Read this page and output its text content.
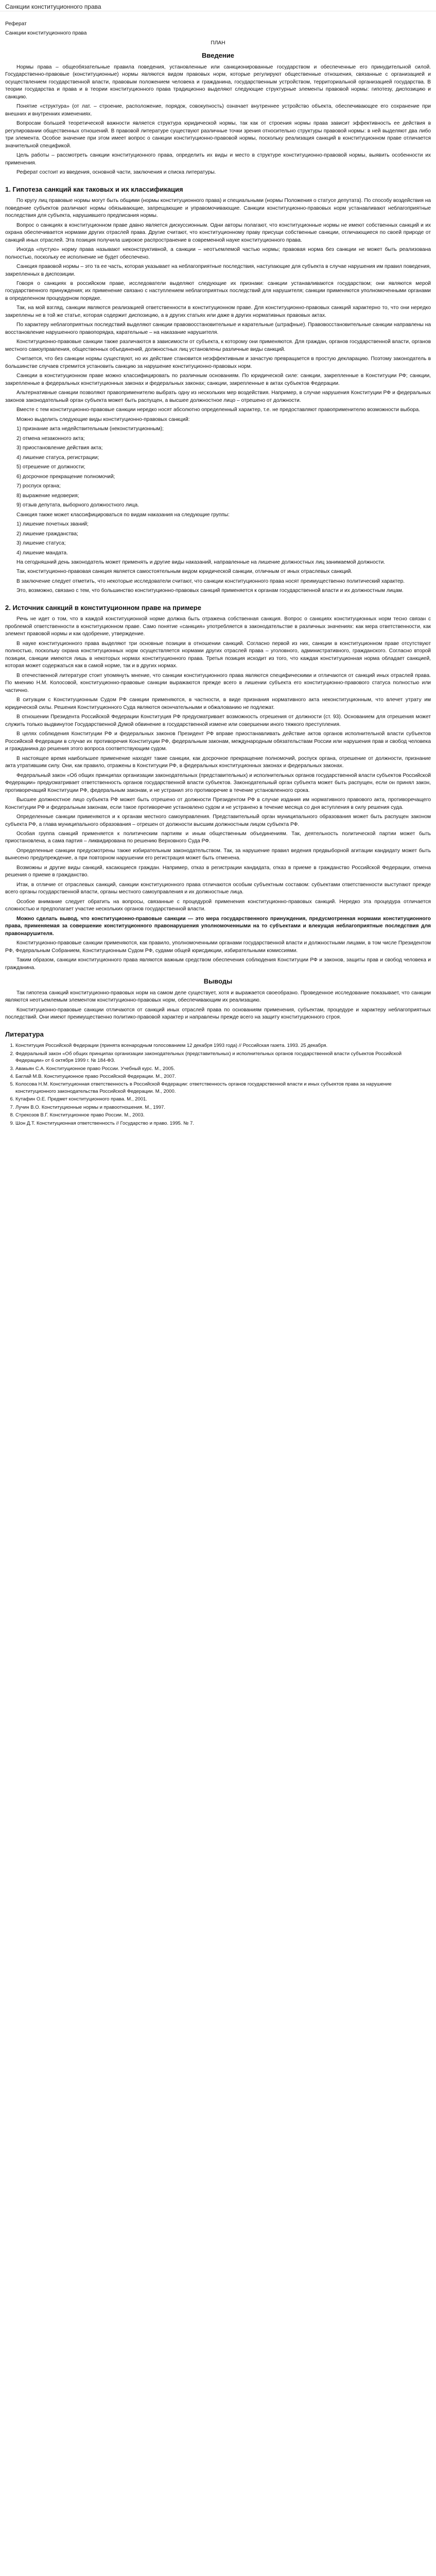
Санкции конституционного права

Реферат

Санкции конституционного права

ПЛАН

Введение

Нормы права – общеобязательные правила поведения, установленные или санкционированные государством и обеспеченные его принудительной силой. Государственно-правовые (конституционные) нормы являются видом правовых норм, которые регулируют общественные отношения, связанные с организацией и осуществлением государственной власти, правовым положением человека и гражданина, государственным устройством, территориальной организацией государства. В теории государства и права и в теории конституционного права традиционно выделяют следующие структурные элементы правовой нормы: гипотезу, диспозицию и санкцию.

Понятие «структура» (от лат. – строение, расположение, порядок, совокупность) означает внутреннее устройство объекта, обеспечивающее его сохранение при внешних и внутренних изменениях.

Вопросам большей теоретической важности является структура юридической нормы, так как от строения нормы права зависит эффективность ее действия в регулировании общественных отношений. В правовой литературе существуют различные точки зрения относительно структуры правовой нормы: в ней выделяют два либо три элемента. Особое значение при этом имеет вопрос о санкции конституционно-правовой нормы, поскольку реализация санкций в конституционном праве отличается значительной спецификой.

Цель работы – рассмотреть санкции конституционного права, определить их виды и место в структуре конституционно-правовой нормы, выявить особенности их применения.

Реферат состоит из введения, основной части, заключения и списка литературы.

1. Гипотеза санкций как таковых и их классификация

По кругу лиц правовые нормы могут быть общими (нормы конституционного права) и специальными (нормы Положения о статусе депутата). По способу воздействия на поведение субъектов различают нормы обязывающие, запрещающие и управомочивающие. Санкции конституционно-правовых норм устанавливают неблагоприятные последствия для субъекта, нарушившего предписания нормы.

Вопрос о санкциях в конституционном праве давно является дискуссионным. Одни авторы полагают, что конституционные нормы не имеют собственных санкций и их охрана обеспечивается нормами других отраслей права. Другие считают, что конституционному праву присущи собственные санкции, отличающиеся по своей природе от санкций иных отраслей. Эта позиция получила широкое распространение в современной науке конституционного права.

Иногда «пустую» норму права называют неконструктивной, а санкции – неотъемлемой частью нормы; правовая норма без санкции не может быть реализована полностью, поскольку ее исполнение не будет обеспечено.

Санкция правовой нормы – это та ее часть, которая указывает на неблагоприятные последствия, наступающие для субъекта в случае нарушения им правил поведения, закрепленных в диспозиции.

Говоря о санкциях в российском праве, исследователи выделяют следующие их признаки: санкции устанавливаются государством; они являются мерой государственного принуждения; их применение связано с наступлением неблагоприятных последствий для нарушителя; санкции применяются уполномоченными органами в определенном процедурном порядке.

Так, на мой взгляд, санкции являются реализацией ответственности в конституционном праве. Для конституционно-правовых санкций характерно то, что они нередко закреплены не в той же статье, которая содержит диспозицию, а в других статьях или даже в других нормативных правовых актах.

По характеру неблагоприятных последствий выделяют санкции правовосстановительные и карательные (штрафные). Правовосстановительные санкции направлены на восстановление нарушенного правопорядка, карательные – на наказание нарушителя.

Конституционно-правовые санкции также различаются в зависимости от субъекта, к которому они применяются. Для граждан, органов государственной власти, органов местного самоуправления, общественных объединений, должностных лиц установлены различные виды санкций.

Считается, что без санкции нормы существуют, но их действие становится неэффективным и зачастую превращается в простую декларацию. Поэтому законодатель в большинстве случаев стремится установить санкцию за нарушение конституционно-правовых норм.

Санкции в конституционном праве можно классифицировать по различным основаниям. По юридической силе: санкции, закрепленные в Конституции РФ; санкции, закрепленные в федеральных конституционных законах и федеральных законах; санкции, закрепленные в актах субъектов Федерации.

Альтернативные санкции позволяют правоприменителю выбрать одну из нескольких мер воздействия. Например, в случае нарушения Конституции РФ и федеральных законов законодательный орган субъекта может быть распущен, а высшее должностное лицо – отрешено от должности.

Вместе с тем конституционно-правовые санкции нередко носят абсолютно определенный характер, т.е. не предоставляют правоприменителю возможности выбора.

Можно выделить следующие виды конституционно-правовых санкций:

1) признание акта недействительным (неконституционным);

2) отмена незаконного акта;

3) приостановление действия акта;

4) лишение статуса, регистрации;

5) отрешение от должности;

6) досрочное прекращение полномочий;

7) роспуск органа;

8) выражение недоверия;

9) отзыв депутата, выборного должностного лица.

Санкция также может классифицироваться по видам наказания на следующие группы:

1) лишение почетных званий;

2) лишение гражданства;

3) лишение статуса;

4) лишение мандата.

На сегодняшний день законодатель может применять и другие виды наказаний, направленные на лишение должностных лиц занимаемой должности.

Так, конституционно-правовая санкция является самостоятельным видом юридической санкции, отличным от иных отраслевых санкций.

В заключение следует отметить, что некоторые исследователи считают, что санкции конституционного права носят преимущественно политический характер.

Это, возможно, связано с тем, что большинство конституционно-правовых санкций применяется к органам государственной власти и их должностным лицам.

2. Источник санкций в конституционном праве на примере

Речь не идет о том, что в каждой конституционной норме должна быть отражена собственная санкция. Вопрос о санкциях конституционных норм тесно связан с проблемой ответственности в конституционном праве. Само понятие «санкция» употребляется в законодательстве в различных значениях: как мера ответственности, как элемент правовой нормы и как одобрение, утверждение.

В науке конституционного права выделяют три основные позиции в отношении санкций. Согласно первой из них, санкции в конституционном праве отсутствуют полностью, поскольку охрана конституционных норм осуществляется нормами других отраслей права – уголовного, административного, гражданского. Согласно второй позиции, санкции имеются лишь в некоторых нормах конституционного права. Третья позиция исходит из того, что каждая конституционная норма обладает санкцией, которая может содержаться как в самой норме, так и в других нормах.

В отечественной литературе стоит упомянуть мнение, что санкции конституционного права являются специфическими и отличаются от санкций иных отраслей права. По мнению Н.М. Колосовой, конституционно-правовые санкции выражаются прежде всего в лишении субъекта его конституционно-правового статуса полностью или частично.

В ситуации с Конституционным Судом РФ санкции применяются, в частности, в виде признания нормативного акта неконституционным, что влечет утрату им юридической силы. Решения Конституционного Суда являются окончательными и обжалованию не подлежат.

В отношении Президента Российской Федерации Конституция РФ предусматривает возможность отрешения от должности (ст. 93). Основанием для отрешения может служить только выдвинутое Государственной Думой обвинение в государственной измене или совершении иного тяжкого преступления.

В целях соблюдения Конституции РФ и федеральных законов Президент РФ вправе приостанавливать действие актов органов исполнительной власти субъектов Российской Федерации в случае их противоречия Конституции РФ, федеральным законам, международным обязательствам России или нарушения прав и свобод человека и гражданина до решения этого вопроса соответствующим судом.

В настоящее время наибольшее применение находят такие санкции, как досрочное прекращение полномочий, роспуск органа, отрешение от должности, признание акта утратившим силу. Они, как правило, отражены в Конституции РФ, в федеральных конституционных законах и федеральных законах.

Федеральный закон «Об общих принципах организации законодательных (представительных) и исполнительных органов государственной власти субъектов Российской Федерации» предусматривает ответственность органов государственной власти субъектов. Законодательный орган субъекта может быть распущен, если он принял закон, противоречащий Конституции РФ, федеральным законам, и не устранил это противоречие в течение установленного срока.

Высшее должностное лицо субъекта РФ может быть отрешено от должности Президентом РФ в случае издания им нормативного правового акта, противоречащего Конституции РФ и федеральным законам, если такое противоречие установлено судом и не устранено в течение месяца со дня вступления в силу решения суда.

Определенные санкции применяются и к органам местного самоуправления. Представительный орган муниципального образования может быть распущен законом субъекта РФ, а глава муниципального образования – отрешен от должности высшим должностным лицом субъекта РФ.

Особая группа санкций применяется к политическим партиям и иным общественным объединениям. Так, деятельность политической партии может быть приостановлена, а сама партия – ликвидирована по решению Верховного Суда РФ.

Определенные санкции предусмотрены также избирательным законодательством. Так, за нарушение правил ведения предвыборной агитации кандидату может быть вынесено предупреждение, а при повторном нарушении его регистрация может быть отменена.

Возможны и другие виды санкций, касающиеся граждан. Например, отказ в регистрации кандидата, отказ в приеме в гражданство Российской Федерации, отмена решения о приеме в гражданство.

Итак, в отличие от отраслевых санкций, санкции конституционного права отличаются особым субъектным составом: субъектами ответственности выступают прежде всего органы государственной власти, органы местного самоуправления и их должностные лица.

Особое внимание следует обратить на вопросы, связанные с процедурой применения конституционно-правовых санкций. Нередко эта процедура отличается сложностью и предполагает участие нескольких органов государственной власти.

Можно сделать вывод, что конституционно-правовые санкции — это мера государственного принуждения, предусмотренная нормами конституционного права, применяемая за совершение конституционного правонарушения уполномоченными на то субъектами и влекущая неблагоприятные последствия для правонарушителя.

Конституционно-правовые санкции применяются, как правило, уполномоченными органами государственной власти и должностными лицами, в том числе Президентом РФ, Федеральным Собранием, Конституционным Судом РФ, судами общей юрисдикции, избирательными комиссиями.

Таким образом, санкции конституционного права являются важным средством обеспечения соблюдения Конституции РФ и законов, защиты прав и свобод человека и гражданина.

Выводы

Так гипотеза санкций конституционно-правовых норм на самом деле существует, хотя и выражается своеобразно. Проведенное исследование показывает, что санкции являются неотъемлемым элементом конституционно-правовых норм, обеспечивающим их реализацию.

Конституционно-правовые санкции отличаются от санкций иных отраслей права по основаниям применения, субъектам, процедуре и характеру неблагоприятных последствий. Они имеют преимущественно политико-правовой характер и направлены прежде всего на защиту конституционного строя.

Литература
1. Конституция Российской Федерации (принята всенародным голосованием 12 декабря 1993 года) // Российская газета. 1993. 25 декабря.
2. Федеральный закон «Об общих принципах организации законодательных (представительных) и исполнительных органов государственной власти субъектов Российской Федерации» от 6 октября 1999 г. № 184-ФЗ.
3. Авакьян С.А. Конституционное право России. Учебный курс. М., 2005.
4. Баглай М.В. Конституционное право Российской Федерации. М., 2007.
5. Колосова Н.М. Конституционная ответственность в Российской Федерации: ответственность органов государственной власти и иных субъектов права за нарушение конституционного законодательства Российской Федерации. М., 2000.
6. Кутафин О.Е. Предмет конституционного права. М., 2001.
7. Лучин В.О. Конституционные нормы и правоотношения. М., 1997.
8. Стрекозов В.Г. Конституционное право России. М., 2003.
9. Шон Д.Т. Конституционная ответственность // Государство и право. 1995. № 7.
